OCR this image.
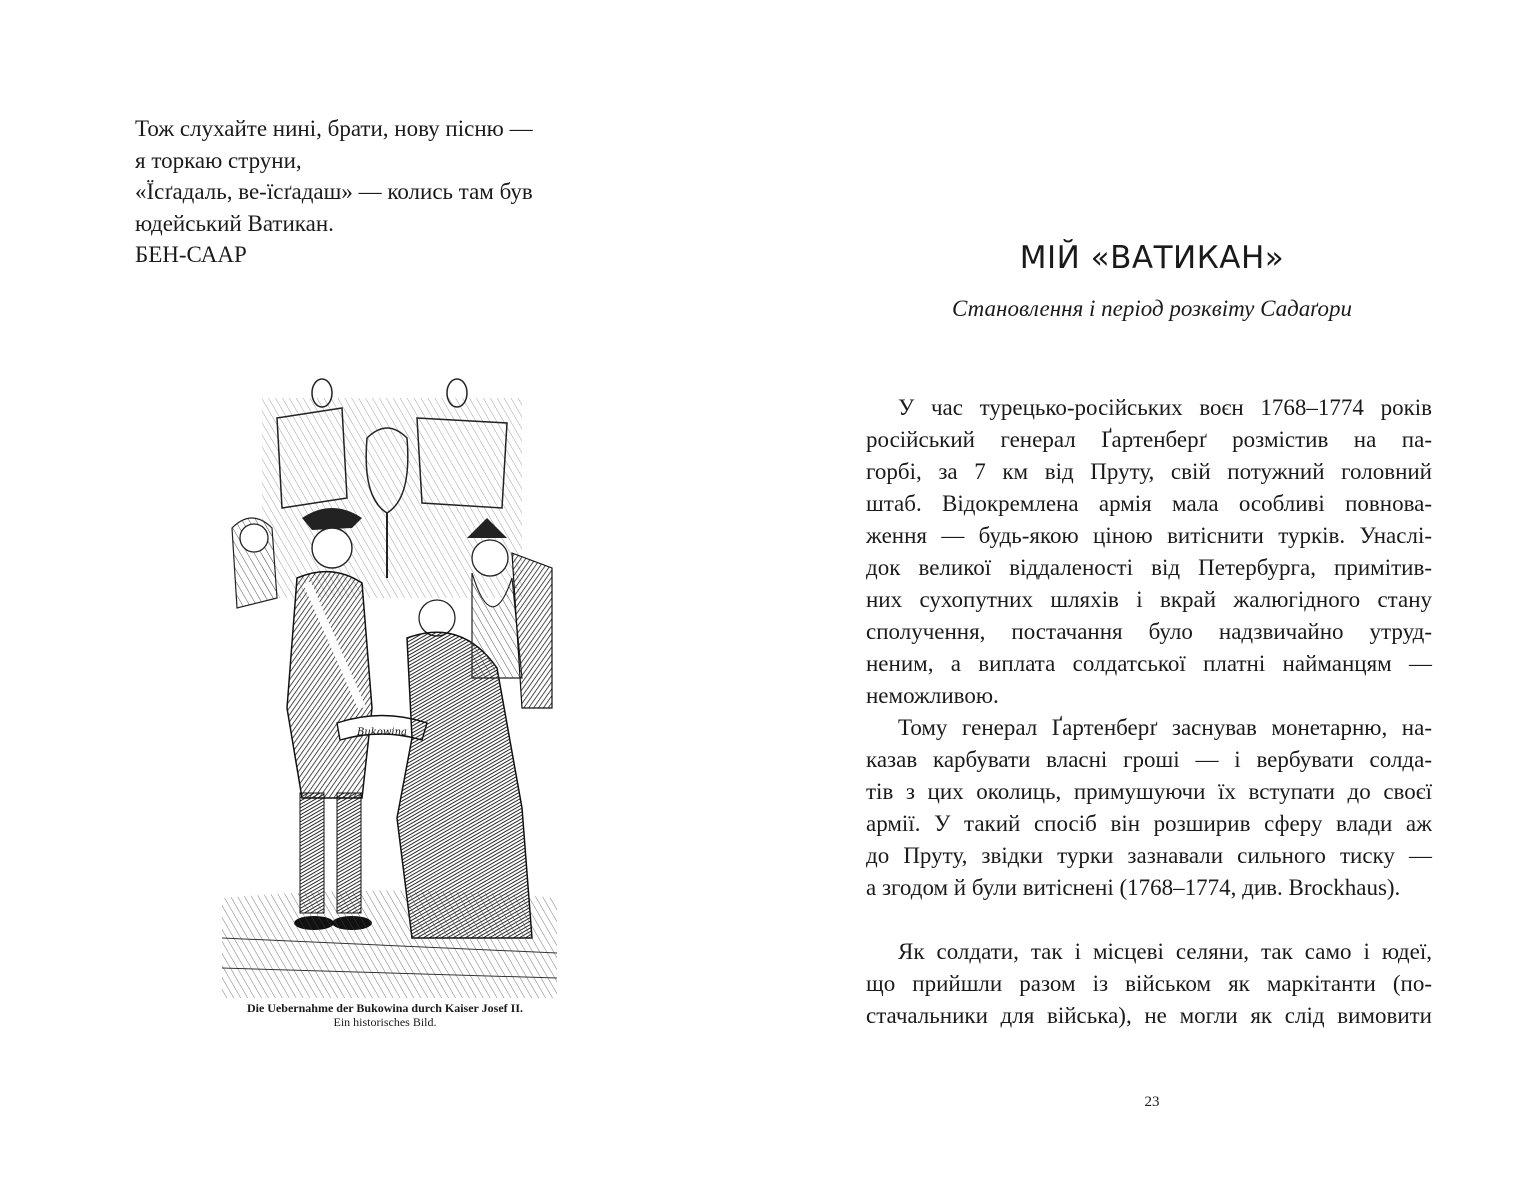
Тож слухайте нині, брати, нову пісню —
я торкаю струни,
«Їсґадаль, ве-їсґадаш» — колись там був
юдейський Ватикан.
БЕН-СААР
Bukowina
Die Uebernahme der Bukowina durch Kaiser Josef II.
Ein historisches Bild.
МІЙ «ВАТИКАН»

Становлення і період розквіту Садаґори

У час турецько-російських воєн 1768–1774 років
російський генерал Ґартенберґ розмістив на па-
горбі, за 7 км від Пруту, свій потужний головний
штаб. Відокремлена армія мала особливі повнова-
ження — будь-якою ціною витіснити турків. Унаслі-
док великої віддаленості від Петербурга, примітив-
них сухопутних шляхів і вкрай жалюгідного стану
сполучення, постачання було надзвичайно утруд-
неним, а виплата солдатської платні найманцям —
неможливою.
Тому генерал Ґартенберґ заснував монетарню, на-
казав карбувати власні гроші — і вербувати солда-
тів з цих околиць, примушуючи їх вступати до своєї
армії. У такий спосіб він розширив сферу влади аж
до Пруту, звідки турки зазнавали сильного тиску —
а згодом й були витіснені (1768–1774, див. Brockhaus).
Як солдати, так і місцеві селяни, так само і юдеї,
що прийшли разом із військом як маркітанти (по-
стачальники для війська), не могли як слід вимовити
23
